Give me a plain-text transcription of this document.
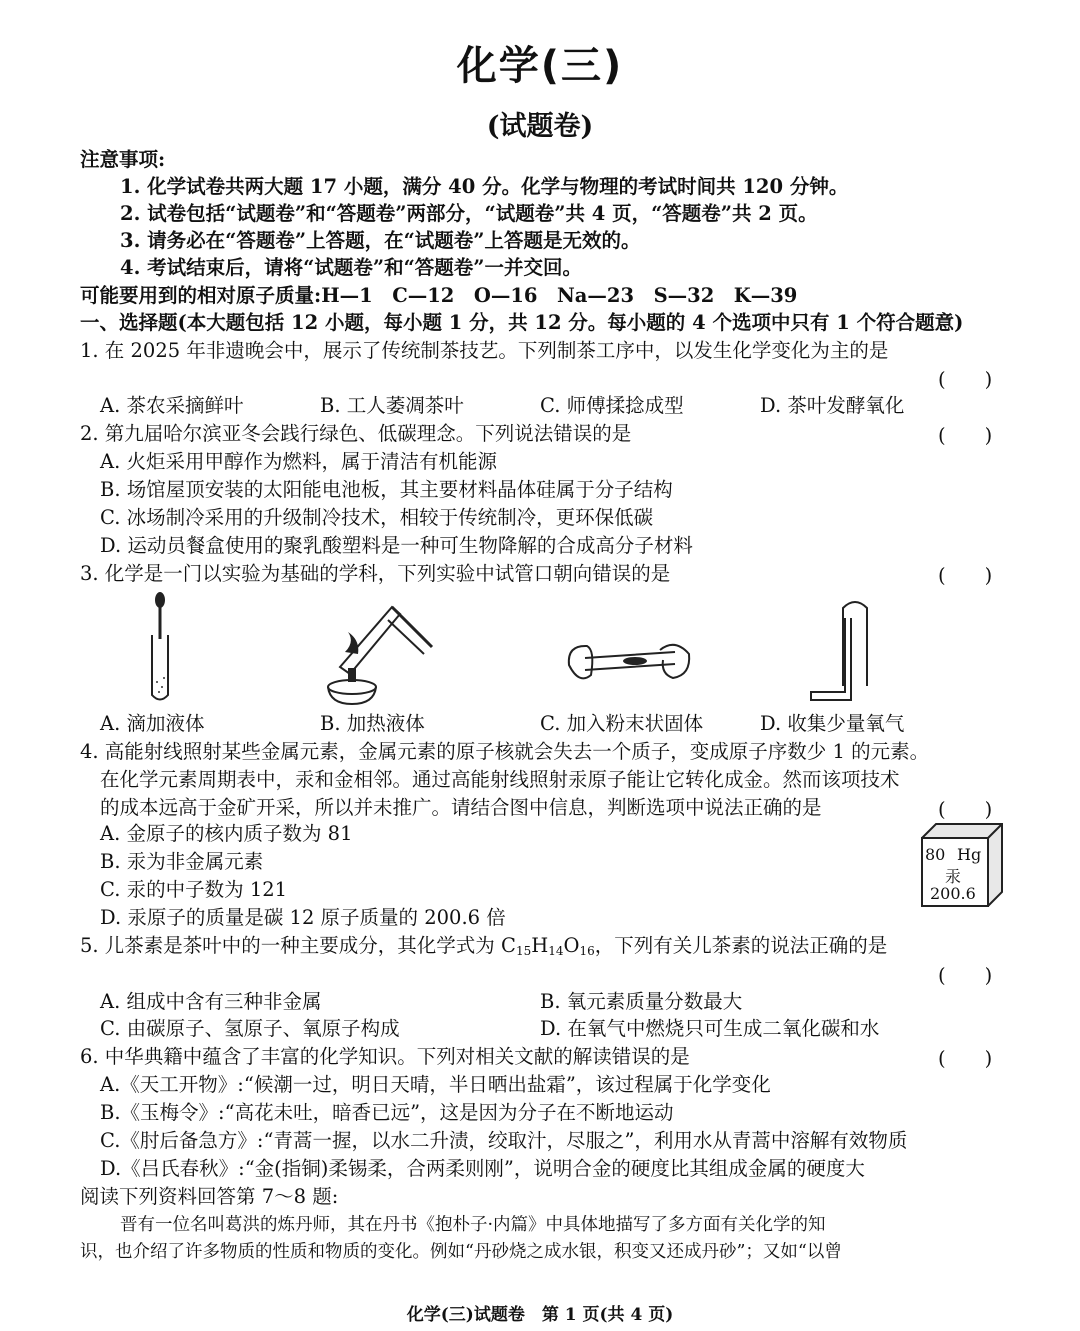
化学(三)
(试题卷)
注意事项:
1. 化学试卷共两大题 17 小题，满分 40 分。化学与物理的考试时间共 120 分钟。
2. 试卷包括“试题卷”和“答题卷”两部分，“试题卷”共 4 页，“答题卷”共 2 页。
3. 请务必在“答题卷”上答题，在“试题卷”上答题是无效的。
4. 考试结束后，请将“试题卷”和“答题卷”一并交回。
可能要用到的相对原子质量:H—1　C—12　O—16　Na—23　S—32　K—39
一、选择题(本大题包括 12 小题，每小题 1 分，共 12 分。每小题的 4 个选项中只有 1 个符合题意)
1. 在 2025 年非遗晚会中，展示了传统制茶技艺。下列制茶工序中，以发生化学变化为主的是
(　　)
A. 茶农采摘鲜叶	B. 工人萎凋茶叶	C. 师傅揉捻成型	D. 茶叶发酵氧化
2. 第九届哈尔滨亚冬会践行绿色、低碳理念。下列说法错误的是	(　　)
A. 火炬采用甲醇作为燃料，属于清洁有机能源
B. 场馆屋顶安装的太阳能电池板，其主要材料晶体硅属于分子结构
C. 冰场制冷采用的升级制冷技术，相较于传统制冷，更环保低碳
D. 运动员餐盒使用的聚乳酸塑料是一种可生物降解的合成高分子材料
3. 化学是一门以实验为基础的学科，下列实验中试管口朝向错误的是	(　　)
A. 滴加液体	B. 加热液体	C. 加入粉末状固体	D. 收集少量氧气
4. 高能射线照射某些金属元素，金属元素的原子核就会失去一个质子，变成原子序数少 1 的元素。
在化学元素周期表中，汞和金相邻。通过高能射线照射汞原子能让它转化成金。然而该项技术
的成本远高于金矿开采，所以并未推广。请结合图中信息，判断选项中说法正确的是	(　　)
A. 金原子的核内质子数为 81
B. 汞为非金属元素
C. 汞的中子数为 121
D. 汞原子的质量是碳 12 原子质量的 200.6 倍
80 Hg
汞
200.6
5. 儿茶素是茶叶中的一种主要成分，其化学式为 $C_{15}H_{14}O_{16}$，下列有关儿茶素的说法正确的是
(　　)
A. 组成中含有三种非金属	B. 氧元素质量分数最大
C. 由碳原子、氢原子、氧原子构成	D. 在氧气中燃烧只可生成二氧化碳和水
6. 中华典籍中蕴含了丰富的化学知识。下列对相关文献的解读错误的是	(　　)
A.《天工开物》:“候潮一过，明日天晴，半日晒出盐霜”，该过程属于化学变化
B.《玉梅令》:“高花未吐，暗香已远”，这是因为分子在不断地运动
C.《肘后备急方》:“青蒿一握，以水二升渍，绞取汁，尽服之”，利用水从青蒿中溶解有效物质
D.《吕氏春秋》:“金(指铜)柔锡柔，合两柔则刚”，说明合金的硬度比其组成金属的硬度大
阅读下列资料回答第 7～8 题:
晋有一位名叫葛洪的炼丹师，其在丹书《抱朴子·内篇》中具体地描写了多方面有关化学的知
识，也介绍了许多物质的性质和物质的变化。例如“丹砂烧之成水银，积变又还成丹砂”；又如“以曾
化学(三)试题卷　第 1 页(共 4 页)
